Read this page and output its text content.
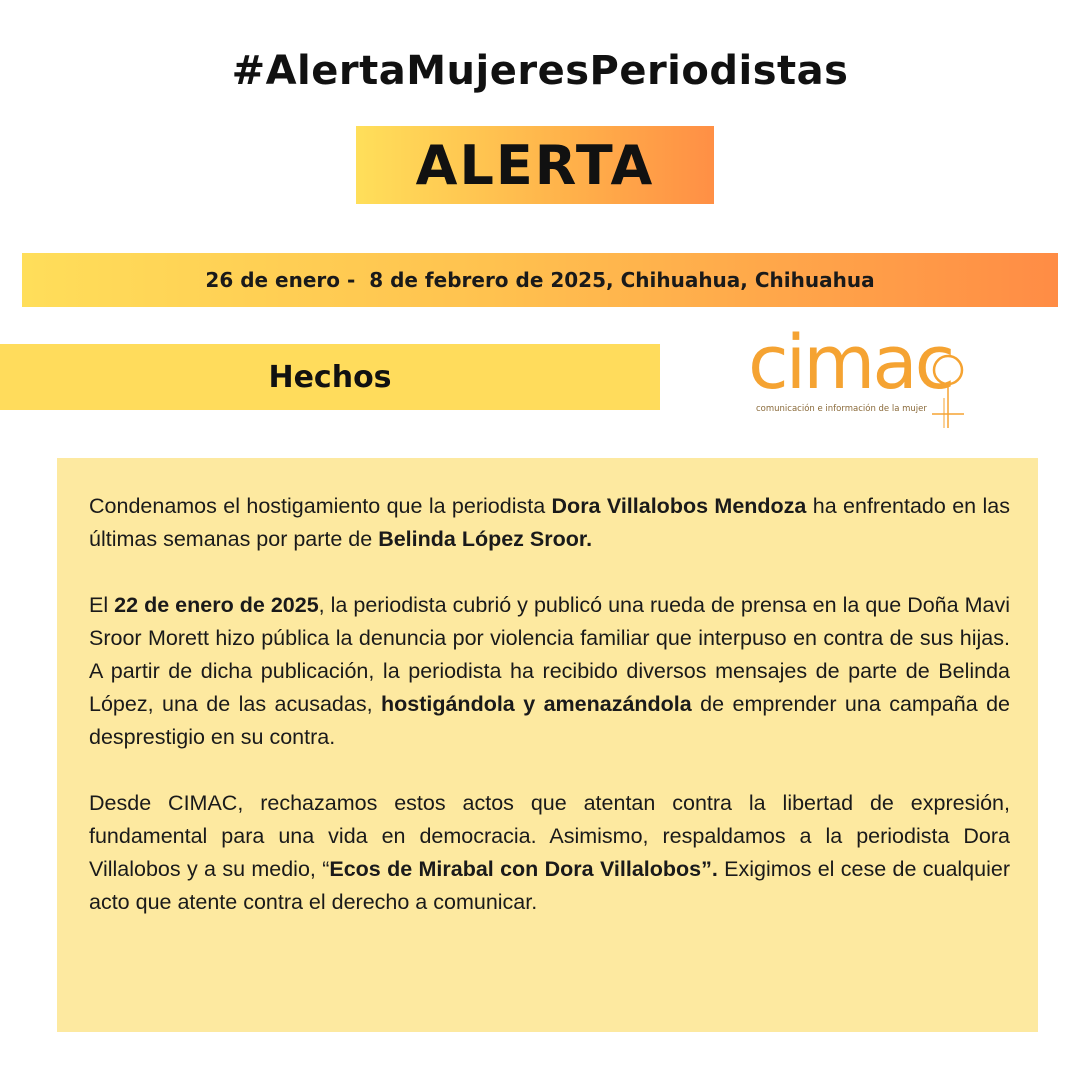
#AlertaMujeresPeriodistas
ALERTA
26 de enero -  8 de febrero de 2025, Chihuahua, Chihuahua
Hechos	cimac
comunicación e información de la mujer

Condenamos el hostigamiento que la periodista Dora Villalobos Mendoza ha enfrentado en las últimas semanas por parte de Belinda López Sroor.

El 22 de enero de 2025, la periodista cubrió y publicó una rueda de prensa en la que Doña Mavi Sroor Morett hizo pública la denuncia por violencia familiar que interpuso en contra de sus hijas. A partir de dicha publicación, la periodista ha recibido diversos mensajes de parte de Belinda López, una de las acusadas, hostigándola y amenazándola de emprender una campaña de desprestigio en su contra.

Desde CIMAC, rechazamos estos actos que atentan contra la libertad de expresión, fundamental para una vida en democracia. Asimismo, respaldamos a la periodista Dora Villalobos y a su medio, “Ecos de Mirabal con Dora Villalobos”. Exigimos el cese de cualquier acto que atente contra el derecho a comunicar.
